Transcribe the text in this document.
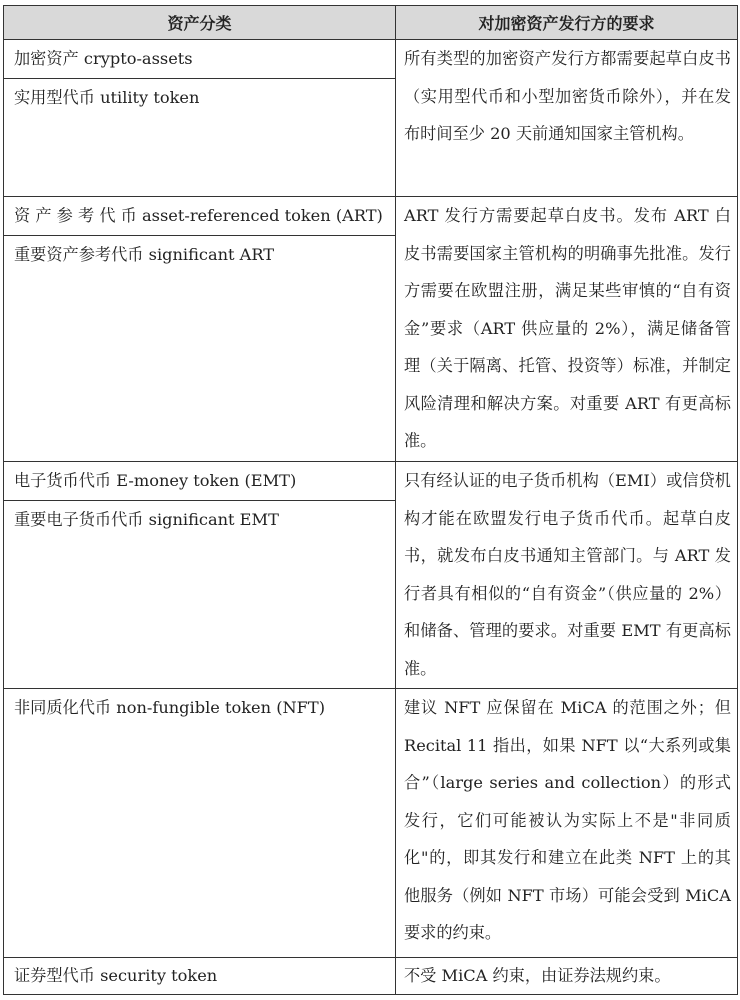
资产分类	对加密资产发行方的要求

加密资产 crypto-assets
实用型代币 utility token	所有类型的加密资产发行方都需要起草白皮书（实用型代币和小型加密货币除外），并在发布时间至少 20 天前通知国家主管机构。

资 产 参 考 代 币 asset-referenced token (ART)
重要资产参考代币 significant ART	ART 发行方需要起草白皮书。发布 ART 白皮书需要国家主管机构的明确事先批准。发行方需要在欧盟注册，满足某些审慎的“自有资金”要求（ART 供应量的 2%），满足储备管理（关于隔离、托管、投资等）标准，并制定风险清理和解决方案。对重要 ART 有更高标准。

电子货币代币 E-money token (EMT)
重要电子货币代币 significant EMT	只有经认证的电子货币机构（EMI）或信贷机构才能在欧盟发行电子货币代币。起草白皮书，就发布白皮书通知主管部门。与 ART 发行者具有相似的“自有资金”（供应量的 2%）和储备、管理的要求。对重要 EMT 有更高标准。

非同质化代币 non-fungible token (NFT)	建议 NFT 应保留在 MiCA 的范围之外；但 Recital 11 指出，如果 NFT 以“大系列或集合”（large series and collection）的形式发行，它们可能被认为实际上不是"非同质化"的，即其发行和建立在此类 NFT 上的其他服务（例如 NFT 市场）可能会受到 MiCA 要求的约束。

证券型代币 security token	不受 MiCA 约束，由证券法规约束。
